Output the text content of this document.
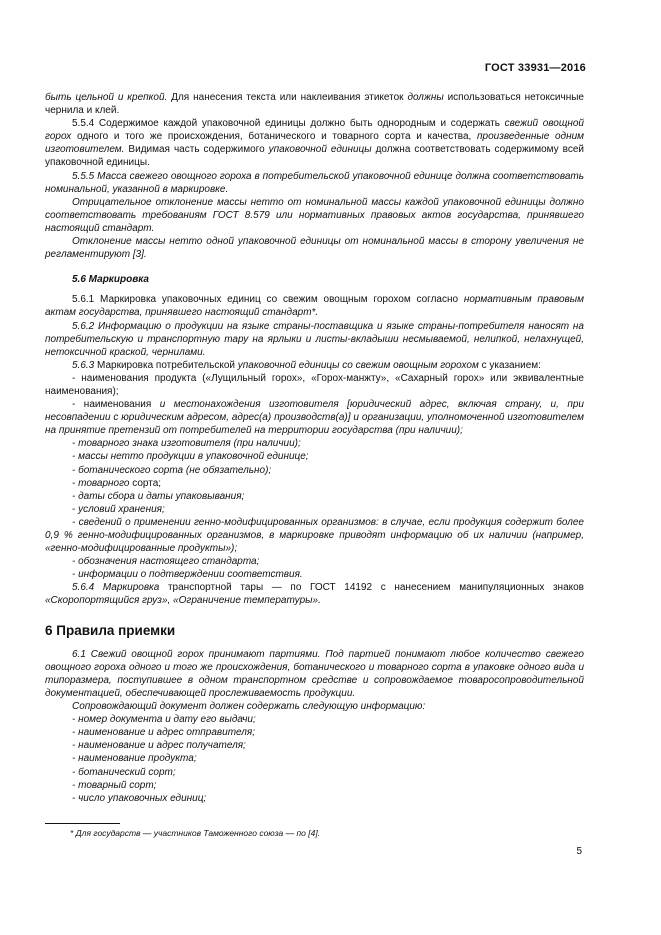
ГОСТ 33931—2016

быть цельной и крепкой. Для нанесения текста или наклеивания этикеток должны использоваться нетоксичные чернила и клей.

5.5.4 Содержимое каждой упаковочной единицы должно быть однородным и содержать свежий овощной горох одного и того же происхождения, ботанического и товарного сорта и качества, произведенные одним изготовителем. Видимая часть содержимого упаковочной единицы должна соответствовать содержимому всей упаковочной единицы.

5.5.5 Масса свежего овощного гороха в потребительской упаковочной единице должна соответствовать номинальной, указанной в маркировке.

Отрицательное отклонение массы нетто от номинальной массы каждой упаковочной единицы должно соответствовать требованиям ГОСТ 8.579 или нормативных правовых актов государства, принявшего настоящий стандарт.

Отклонение массы нетто одной упаковочной единицы от номинальной массы в сторону увеличения не регламентируют [3].

5.6 Маркировка

5.6.1 Маркировка упаковочных единиц со свежим овощным горохом согласно нормативным правовым актам государства, принявшего настоящий стандарт*.

5.6.2 Информацию о продукции на языке страны-поставщика и языке страны-потребителя наносят на потребительскую и транспортную тару на ярлыки и листы-вкладыши несмываемой, нелипкой, нелахнущей, нетоксичной краской, чернилами.

5.6.3 Маркировка потребительской упаковочной единицы со свежим овощным горохом с указанием:

- наименования продукта («Лущильный горох», «Горох-манжту», «Сахарный горох» или эквивалентные наименования);

- наименования и местонахождения изготовителя [юридический адрес, включая страну, и, при несовпадении с юридическим адресом, адрес(а) производств(а)] и организации, уполномоченной изготовителем на принятие претензий от потребителей на территории государства (при наличии);

- товарного знака изготовителя (при наличии);

- массы нетто продукции в упаковочной единице;

- ботанического сорта (не обязательно);

- товарного сорта;

- даты сбора и даты упаковывания;

- условий хранения;

- сведений о применении генно-модифицированных организмов: в случае, если продукция содержит более 0,9 % генно-модифицированных организмов, в маркировке приводят информацию об их наличии (например, «генно-модифицированные продукты»);

- обозначения настоящего стандарта;

- информации о подтверждении соответствия.

5.6.4 Маркировка транспортной тары — по ГОСТ 14192 с нанесением манипуляционных знаков «Скоропортящийся груз», «Ограничение температуры».

6 Правила приемки

6.1 Свежий овощной горох принимают партиями. Под партией понимают любое количество свежего овощного гороха одного и того же происхождения, ботанического и товарного сорта в упаковке одного вида и типоразмера, поступившее в одном транспортном средстве и сопровождаемое товаросопроводительной документацией, обеспечивающей прослеживаемость продукции.

Сопровождающий документ должен содержать следующую информацию:

- номер документа и дату его выдачи;

- наименование и адрес отправителя;

- наименование и адрес получателя;

- наименование продукта;

- ботанический сорт;

- товарный сорт;

- число упаковочных единиц;

* Для государств — участников Таможенного союза — по [4].
5
